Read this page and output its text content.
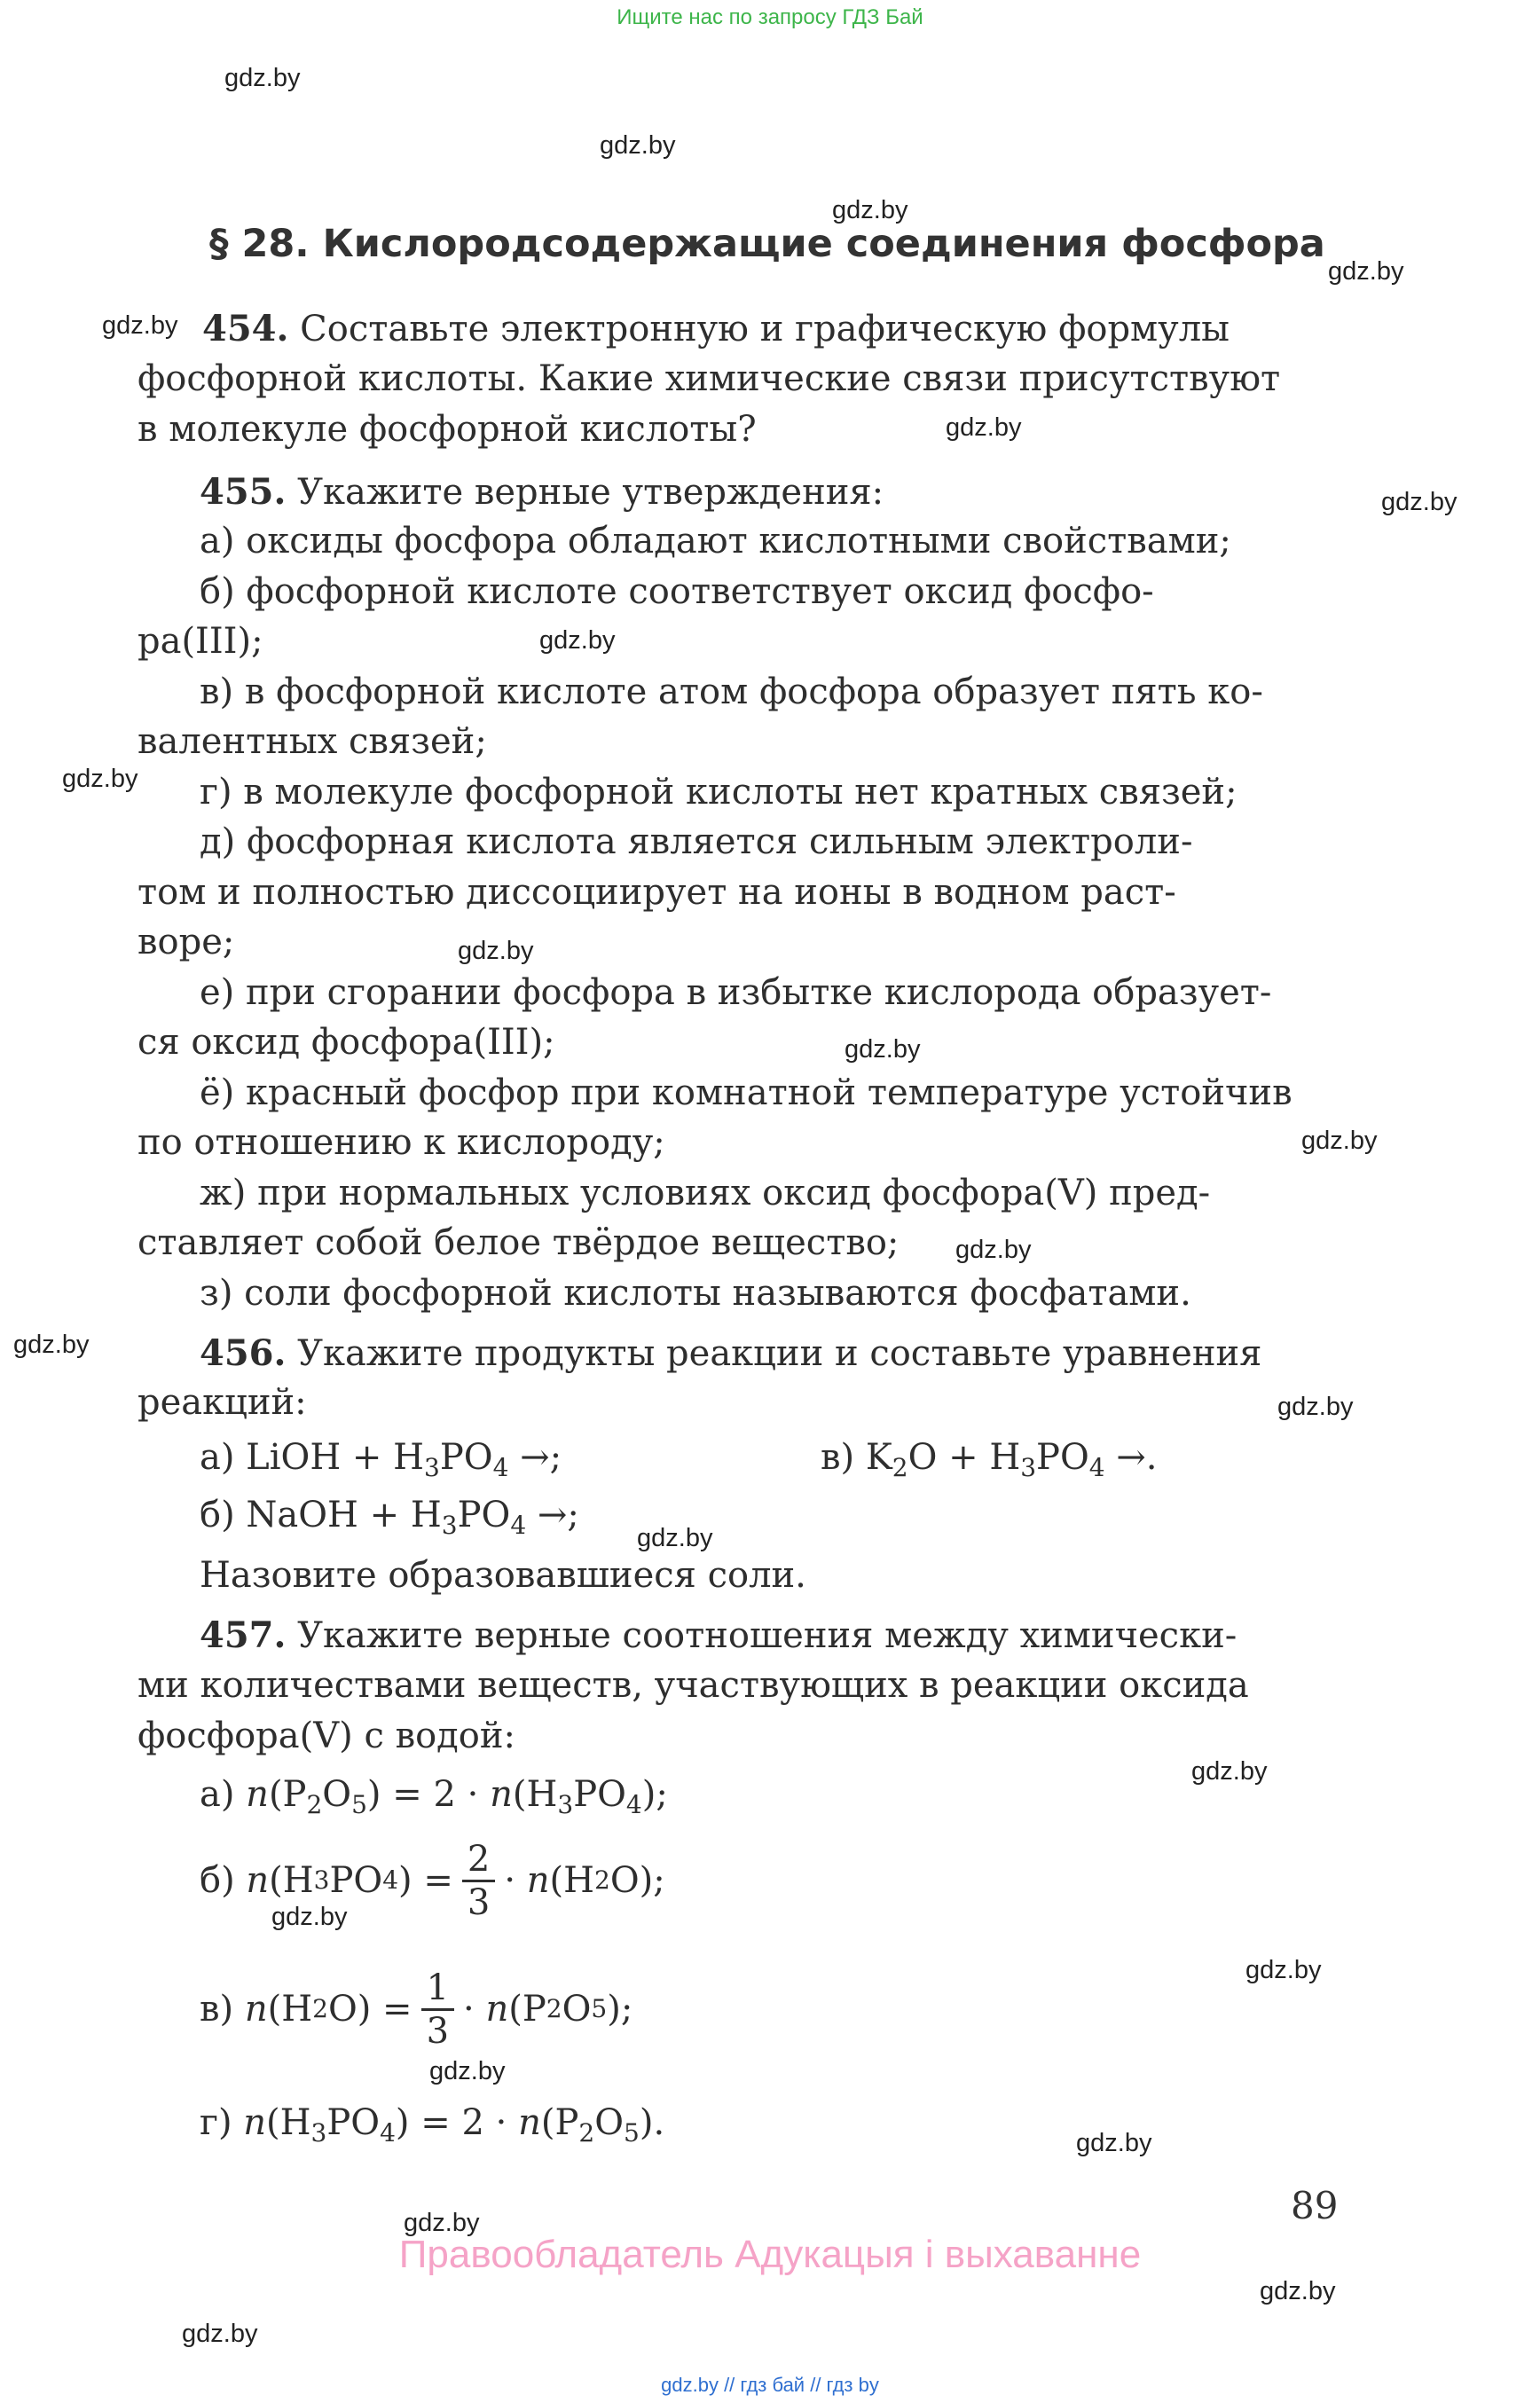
Ищите нас по запросу ГДЗ Бай
gdz.by
gdz.by
gdz.by
gdz.by
gdz.by
gdz.by
gdz.by
gdz.by
gdz.by
gdz.by
gdz.by
gdz.by
gdz.by
gdz.by
gdz.by
gdz.by
gdz.by
gdz.by
gdz.by
gdz.by
gdz.by
gdz.by
gdz.by
gdz.by
§ 28. Кислородсодержащие соединения фосфора
454. Составьте электронную и графическую формулы
фосфорной кислоты. Какие химические связи присутствуют
в молекуле фосфорной кислоты?
455. Укажите верные утверждения:
а) оксиды фосфора обладают кислотными свойствами;
б) фосфорной кислоте соответствует оксид фосфо-
ра(III);
в) в фосфорной кислоте атом фосфора образует пять ко-
валентных связей;
г) в молекуле фосфорной кислоты нет кратных связей;
д) фосфорная кислота является сильным электроли-
том и полностью диссоциирует на ионы в водном раст-
воре;
е) при сгорании фосфора в избытке кислорода образует-
ся оксид фосфора(III);
ё) красный фосфор при комнатной температуре устойчив
по отношению к кислороду;
ж) при нормальных условиях оксид фосфора(V) пред-
ставляет собой белое твёрдое вещество;
з) соли фосфорной кислоты называются фосфатами.
456. Укажите продукты реакции и составьте уравнения
реакций:
а) LiOH + $H_3PO_4$ →;	в) $K_2O + H_3PO_4$ →.
б) NaOH + $H_3PO_4$ →;
Назовите образовавшиеся соли.
457. Укажите верные соотношения между химически-
ми количествами веществ, участвующих в реакции оксида
фосфора(V) с водой:
а) $n(P_2O_5) = 2 \cdot n(H_3PO_4)$;
б)
n (H 3 PO 4 ) = $\frac{2}{3}$ ·
n (H 2 O);
в)
n (H 2 $O) = \frac{1}{3}$ ·
n (P 2 O 5 );
г) $n(H_3PO_4) = 2 \cdot n(P_2O_5)$.
89
Правообладатель Адукацыя і выхаванне
gdz.by // гдз бай // гдз by
